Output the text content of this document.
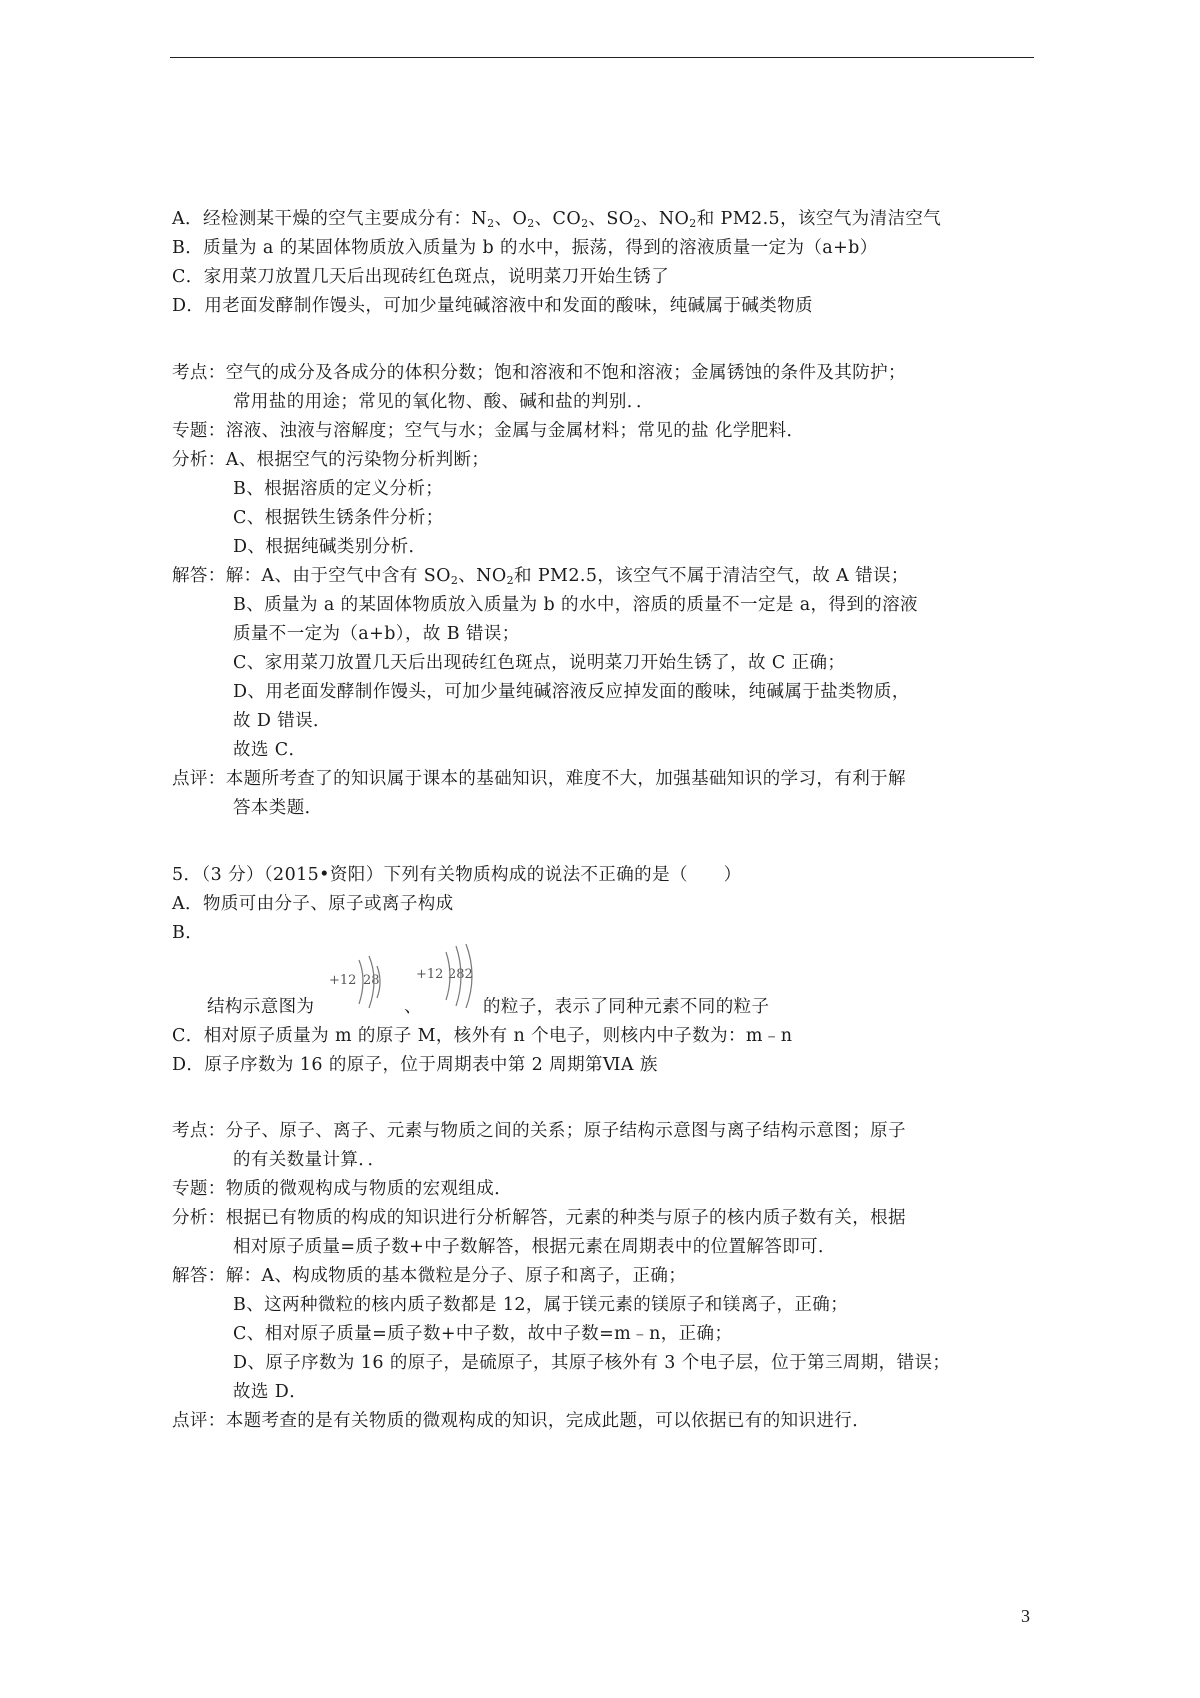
A．经检测某干燥的空气主要成分有：$N_2$、$O_2$、$CO_2$、$SO_2$、$NO_2$和 PM2.5，该空气为清洁空气
B．质量为 a 的某固体物质放入质量为 b 的水中，振荡，得到的溶液质量一定为（a+b）
C．家用菜刀放置几天后出现砖红色斑点，说明菜刀开始生锈了
D．用老面发酵制作馒头，可加少量纯碱溶液中和发面的酸味，纯碱属于碱类物质
考点：空气的成分及各成分的体积分数；饱和溶液和不饱和溶液；金属锈蚀的条件及其防护；
常用盐的用途；常见的氧化物、酸、碱和盐的判别．．
专题：溶液、浊液与溶解度；空气与水；金属与金属材料；常见的盐 化学肥料．
分析：A、根据空气的污染物分析判断；
B、根据溶质的定义分析；
C、根据铁生锈条件分析；
D、根据纯碱类别分析．
解答：解：A、由于空气中含有 $SO_2$、$NO_2$和 PM2.5，该空气不属于清洁空气，故 A 错误；
B、质量为 a 的某固体物质放入质量为 b 的水中，溶质的质量不一定是 a，得到的溶液
质量不一定为（a+b），故 B 错误；
C、家用菜刀放置几天后出现砖红色斑点，说明菜刀开始生锈了，故 C 正确；
D、用老面发酵制作馒头，可加少量纯碱溶液反应掉发面的酸味，纯碱属于盐类物质，
故 D 错误．
故选 C．
点评：本题所考查了的知识属于课本的基础知识，难度不大，加强基础知识的学习，有利于解
答本类题．
5．（3 分）（2015•资阳）下列有关物质构成的说法不正确的是（　　）
A．物质可由分子、原子或离子构成
B．
结构示意图为
+12 28
、
+12 282
的粒子，表示了同种元素不同的粒子
C．相对原子质量为 m 的原子 M，核外有 n 个电子，则核内中子数为：m﹣n
D．原子序数为 16 的原子，位于周期表中第 2 周期第ⅥA 族
考点：分子、原子、离子、元素与物质之间的关系；原子结构示意图与离子结构示意图；原子
的有关数量计算．．
专题：物质的微观构成与物质的宏观组成．
分析：根据已有物质的构成的知识进行分析解答，元素的种类与原子的核内质子数有关，根据
相对原子质量=质子数+中子数解答，根据元素在周期表中的位置解答即可．
解答：解：A、构成物质的基本微粒是分子、原子和离子，正确；
B、这两种微粒的核内质子数都是 12，属于镁元素的镁原子和镁离子，正确；
C、相对原子质量=质子数+中子数，故中子数=m﹣n，正确；
D、原子序数为 16 的原子，是硫原子，其原子核外有 3 个电子层，位于第三周期，错误；
故选 D．
点评：本题考查的是有关物质的微观构成的知识，完成此题，可以依据已有的知识进行．
3
